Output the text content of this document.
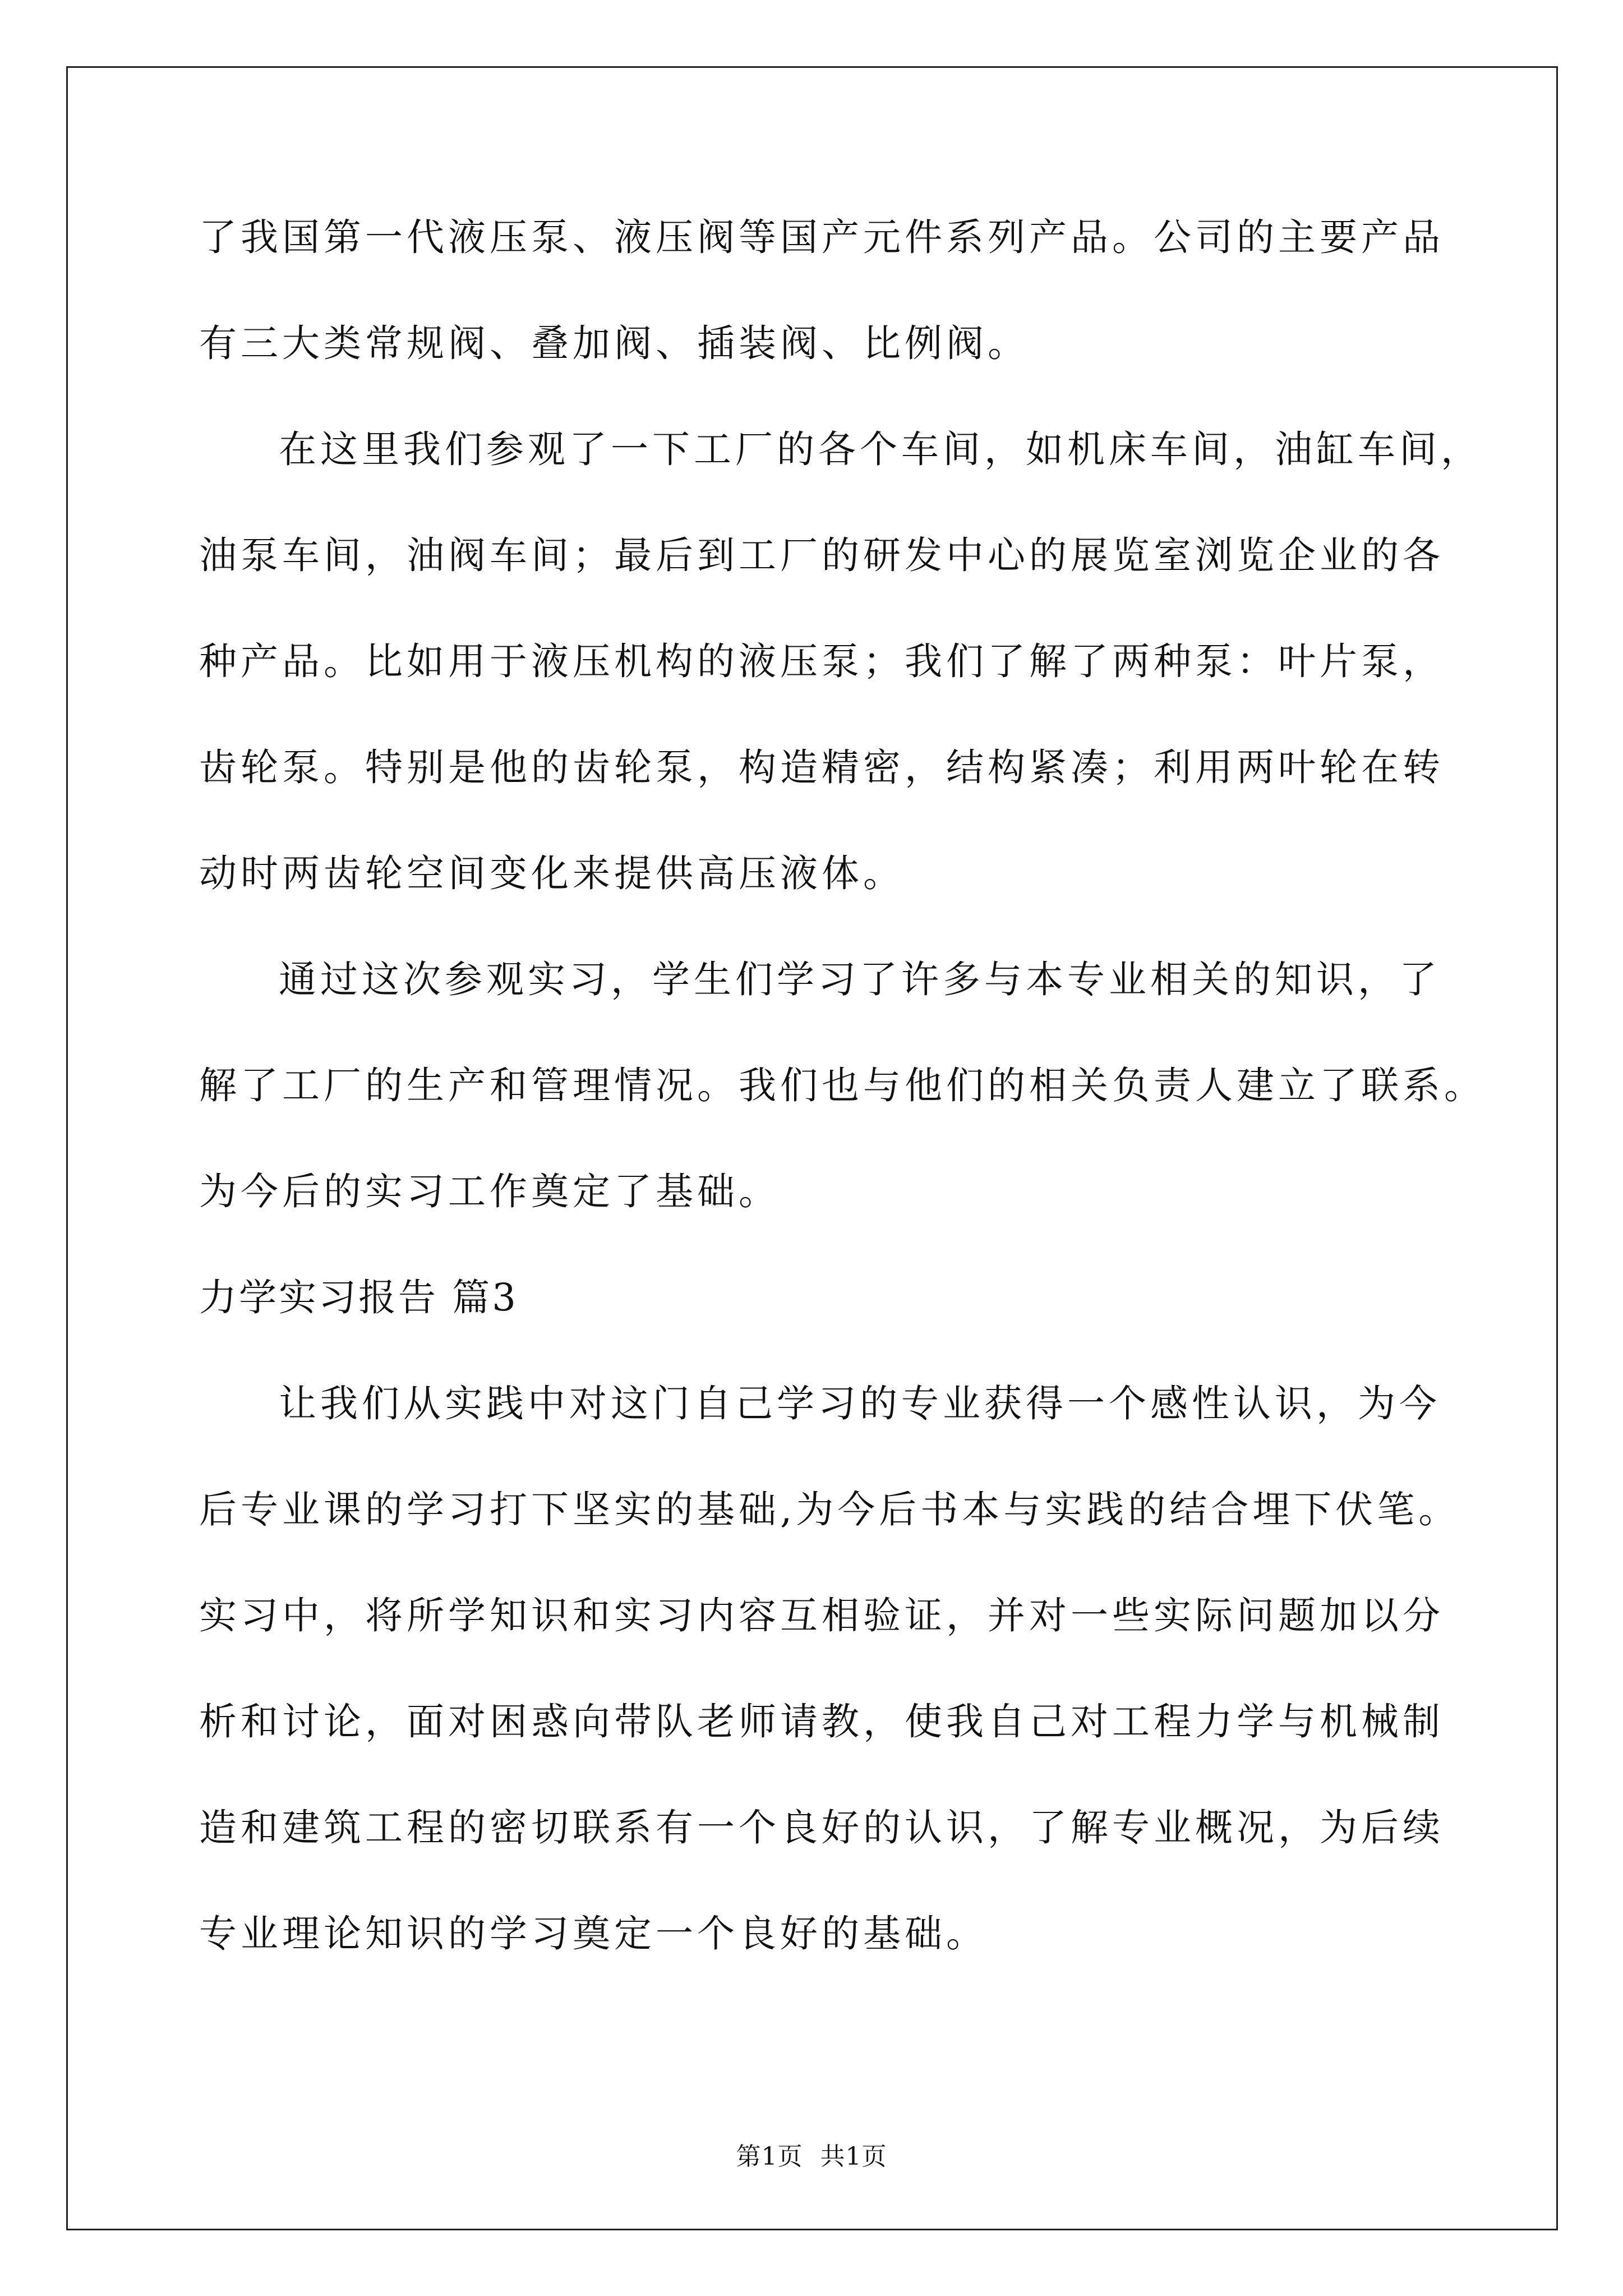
了我国第一代液压泵、液压阀等国产元件系列产品。公司的主要产品
有三大类常规阀、叠加阀、插装阀、比例阀。
在这里我们参观了一下工厂的各个车间，如机床车间，油缸车间，
油泵车间，油阀车间；最后到工厂的研发中心的展览室浏览企业的各
种产品。比如用于液压机构的液压泵；我们了解了两种泵：叶片泵，
齿轮泵。特别是他的齿轮泵，构造精密，结构紧凑；利用两叶轮在转
动时两齿轮空间变化来提供高压液体。
通过这次参观实习，学生们学习了许多与本专业相关的知识，了
解了工厂的生产和管理情况。我们也与他们的相关负责人建立了联系。
为今后的实习工作奠定了基础。
力学实习报告 篇3
让我们从实践中对这门自己学习的专业获得一个感性认识，为今
后专业课的学习打下坚实的基础,为今后书本与实践的结合埋下伏笔。
实习中，将所学知识和实习内容互相验证，并对一些实际问题加以分
析和讨论，面对困惑向带队老师请教，使我自己对工程力学与机械制
造和建筑工程的密切联系有一个良好的认识，了解专业概况，为后续
专业理论知识的学习奠定一个良好的基础。
第1页 共1页
